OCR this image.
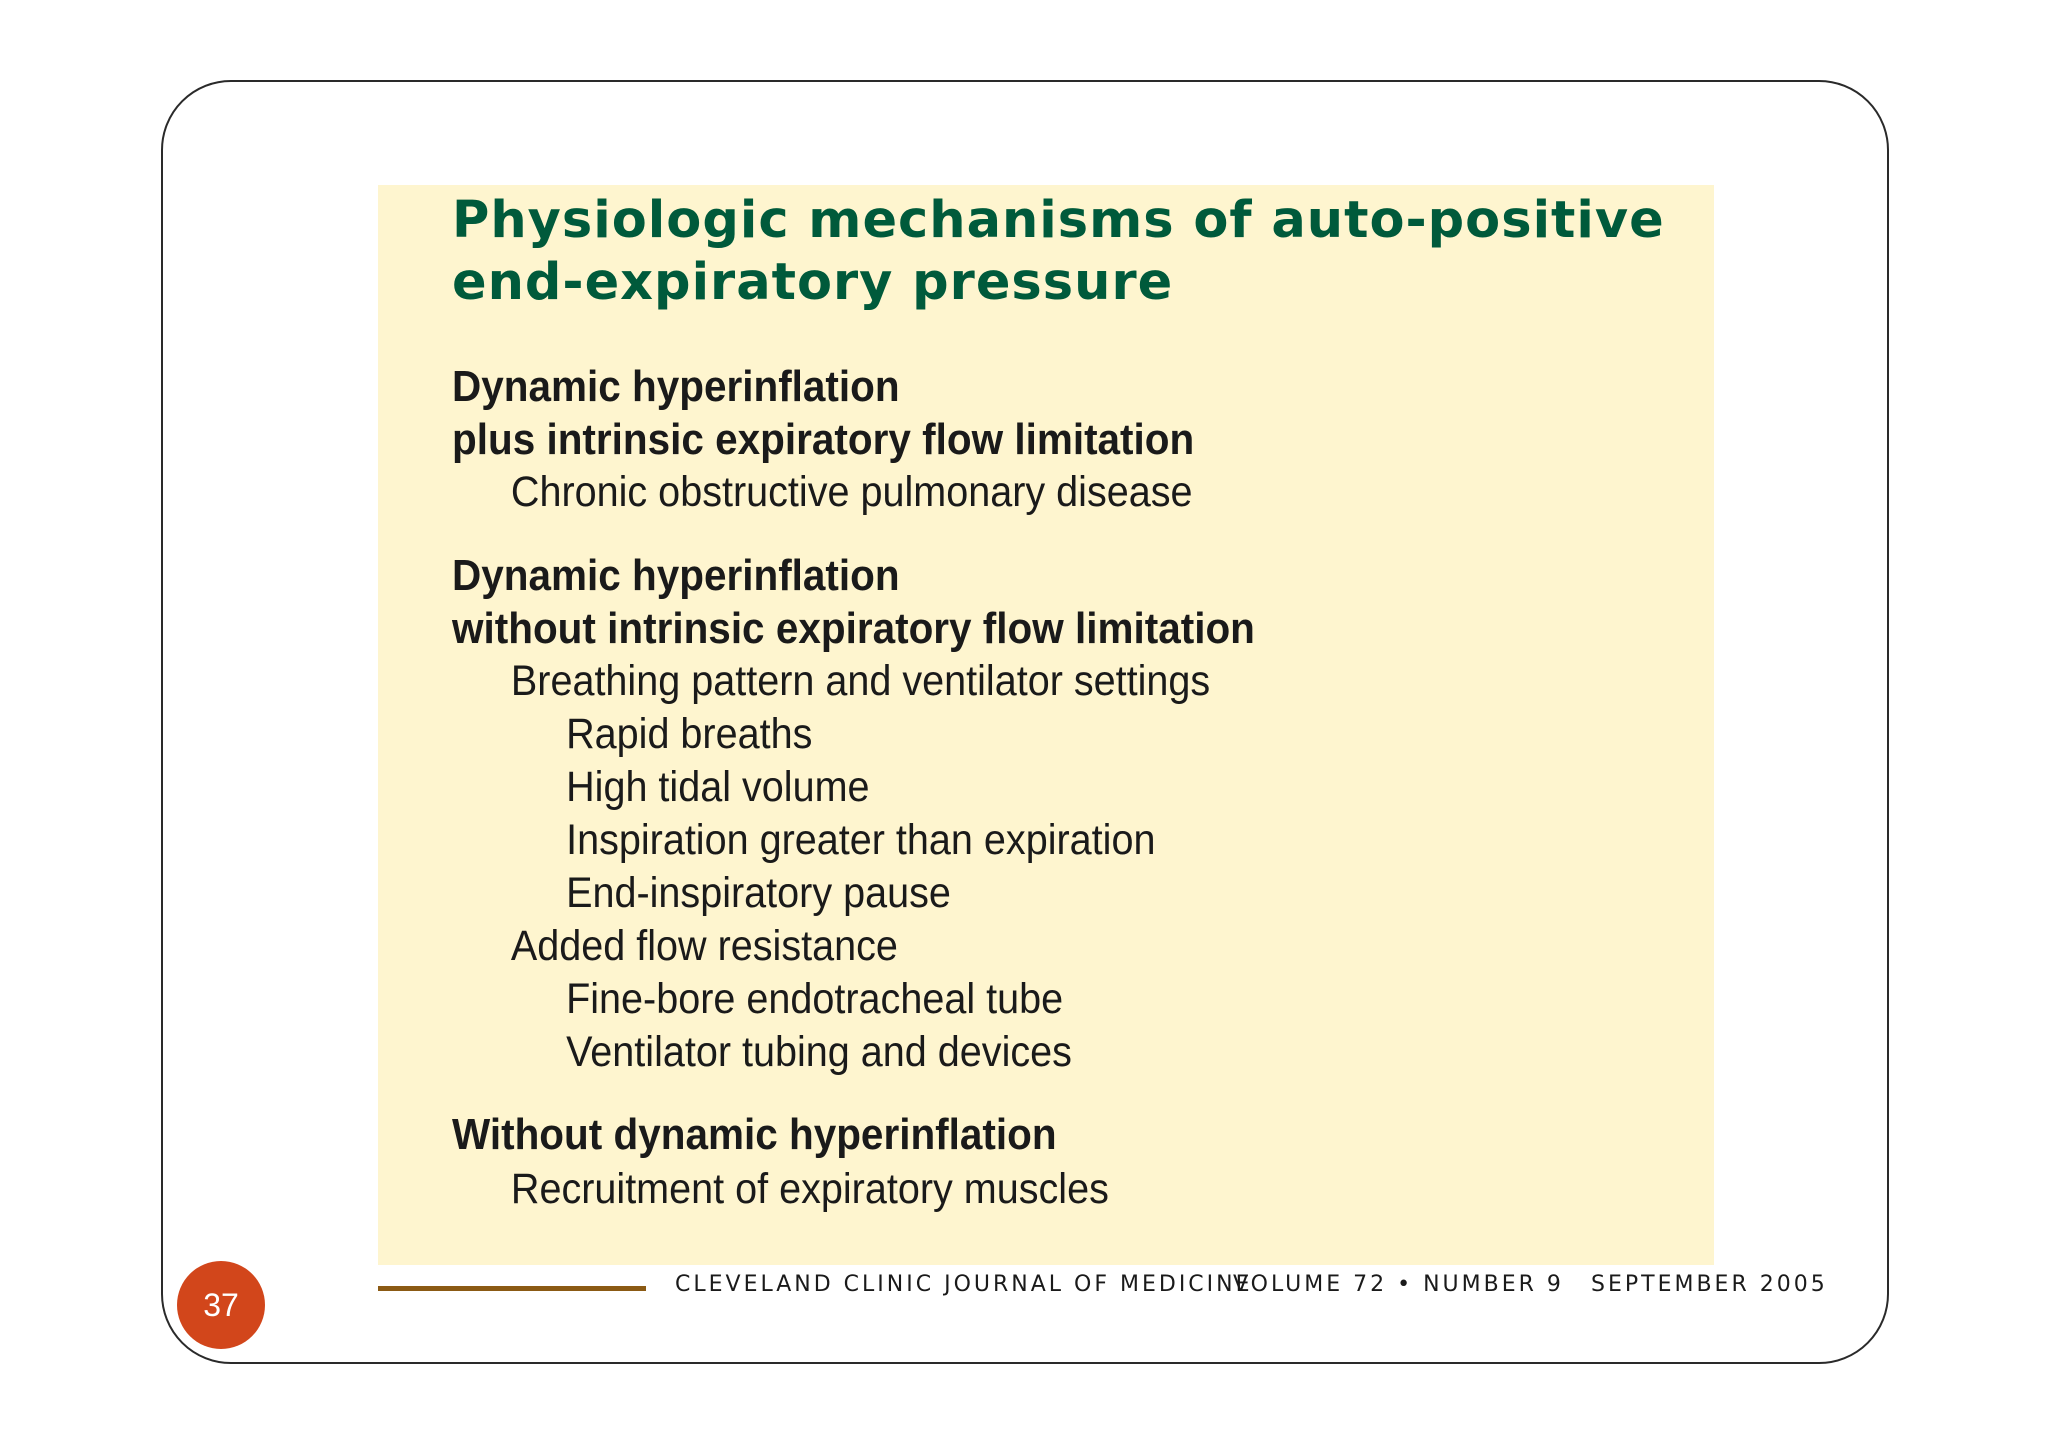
Physiologic mechanisms of auto-positive
end-expiratory pressure
Dynamic hyperinflation
plus intrinsic expiratory flow limitation
Chronic obstructive pulmonary disease
Dynamic hyperinflation
without intrinsic expiratory flow limitation
Breathing pattern and ventilator settings
Rapid breaths
High tidal volume
Inspiration greater than expiration
End-inspiratory pause
Added flow resistance
Fine-bore endotracheal tube
Ventilator tubing and devices
Without dynamic hyperinflation
Recruitment of expiratory muscles
CLEVELAND CLINIC JOURNAL OF MEDICINE
VOLUME 72 • NUMBER 9 SEPTEMBER 2005
37
